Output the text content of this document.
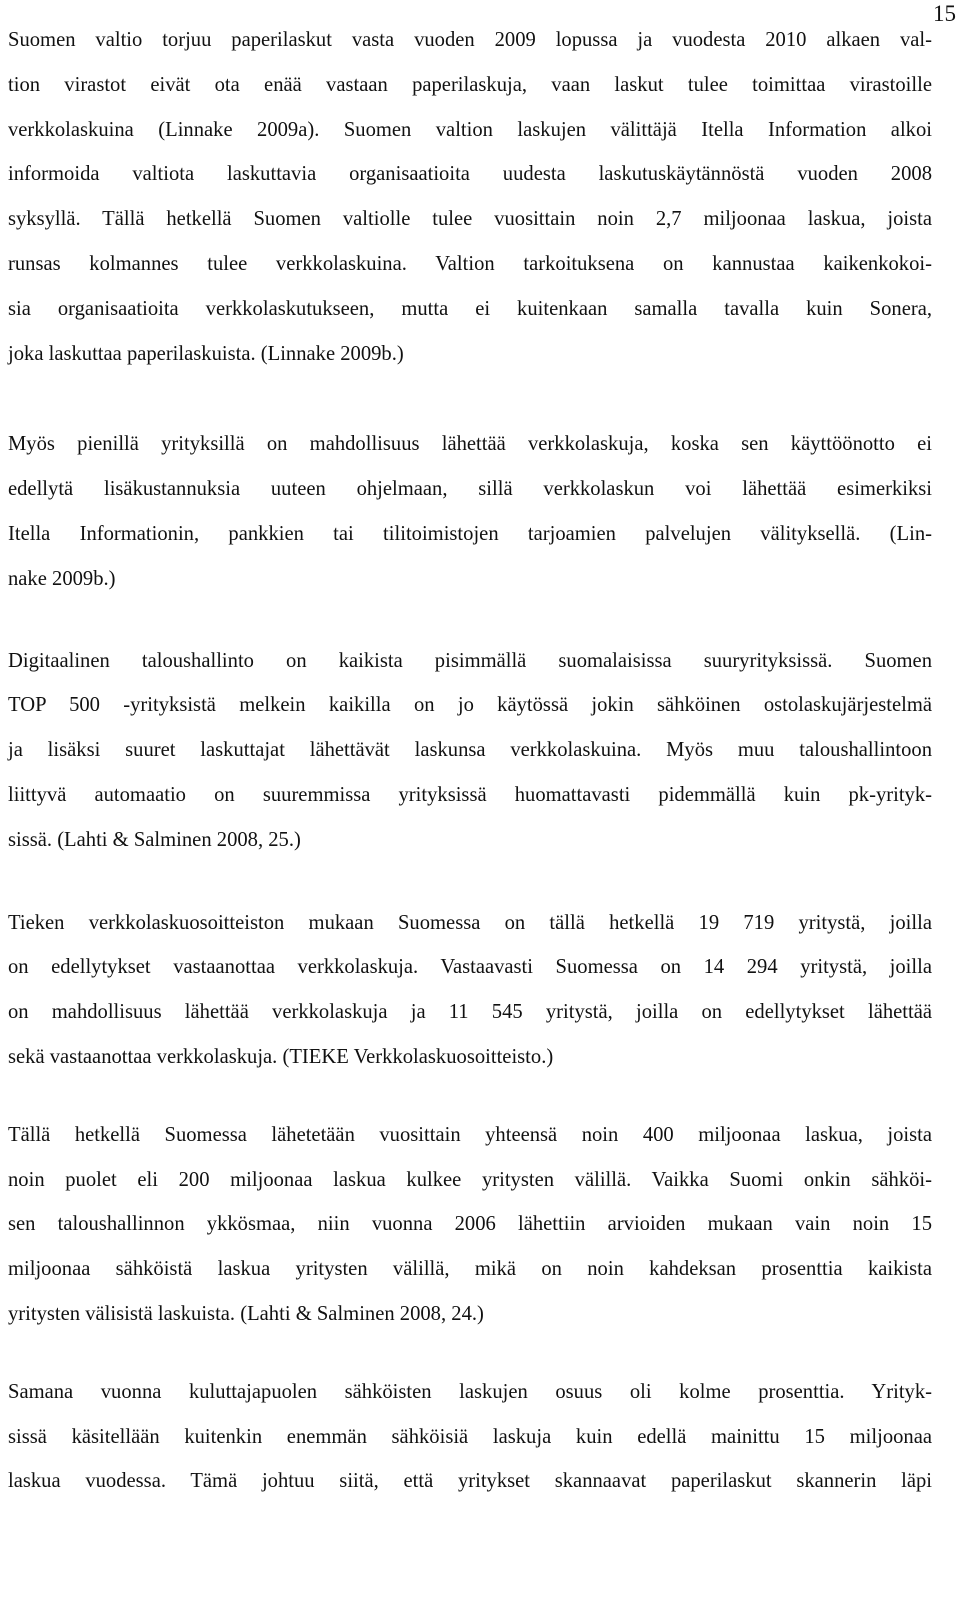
15

Suomen valtio torjuu paperilaskut vasta vuoden 2009 lopussa ja vuodesta 2010 alkaen val-
tion virastot eivät ota enää vastaan paperilaskuja, vaan laskut tulee toimittaa virastoille
verkkolaskuina (Linnake 2009a). Suomen valtion laskujen välittäjä Itella Information alkoi
informoida valtiota laskuttavia organisaatioita uudesta laskutuskäytännöstä vuoden 2008
syksyllä. Tällä hetkellä Suomen valtiolle tulee vuosittain noin 2,7 miljoonaa laskua, joista
runsas kolmannes tulee verkkolaskuina. Valtion tarkoituksena on kannustaa kaikenkokoi-
sia organisaatioita verkkolaskutukseen, mutta ei kuitenkaan samalla tavalla kuin Sonera,
joka laskuttaa paperilaskuista. (Linnake 2009b.)

Myös pienillä yrityksillä on mahdollisuus lähettää verkkolaskuja, koska sen käyttöönotto ei
edellytä lisäkustannuksia uuteen ohjelmaan, sillä verkkolaskun voi lähettää esimerkiksi
Itella Informationin, pankkien tai tilitoimistojen tarjoamien palvelujen välityksellä. (Lin-
nake 2009b.)

Digitaalinen taloushallinto on kaikista pisimmällä suomalaisissa suuryrityksissä. Suomen
TOP 500 -yrityksistä melkein kaikilla on jo käytössä jokin sähköinen ostolaskujärjestelmä
ja lisäksi suuret laskuttajat lähettävät laskunsa verkkolaskuina. Myös muu taloushallintoon
liittyvä automaatio on suuremmissa yrityksissä huomattavasti pidemmällä kuin pk-yrityk-
sissä. (Lahti & Salminen 2008, 25.)

Tieken verkkolaskuosoitteiston mukaan Suomessa on tällä hetkellä 19 719 yritystä, joilla
on edellytykset vastaanottaa verkkolaskuja. Vastaavasti Suomessa on 14 294 yritystä, joilla
on mahdollisuus lähettää verkkolaskuja ja 11 545 yritystä, joilla on edellytykset lähettää
sekä vastaanottaa verkkolaskuja. (TIEKE Verkkolaskuosoitteisto.)

Tällä hetkellä Suomessa lähetetään vuosittain yhteensä noin 400 miljoonaa laskua, joista
noin puolet eli 200 miljoonaa laskua kulkee yritysten välillä. Vaikka Suomi onkin sähköi-
sen taloushallinnon ykkösmaa, niin vuonna 2006 lähettiin arvioiden mukaan vain noin 15
miljoonaa sähköistä laskua yritysten välillä, mikä on noin kahdeksan prosenttia kaikista
yritysten välisistä laskuista. (Lahti & Salminen 2008, 24.)

Samana vuonna kuluttajapuolen sähköisten laskujen osuus oli kolme prosenttia. Yrityk-
sissä käsitellään kuitenkin enemmän sähköisiä laskuja kuin edellä mainittu 15 miljoonaa
laskua vuodessa. Tämä johtuu siitä, että yritykset skannaavat paperilaskut skannerin läpi
